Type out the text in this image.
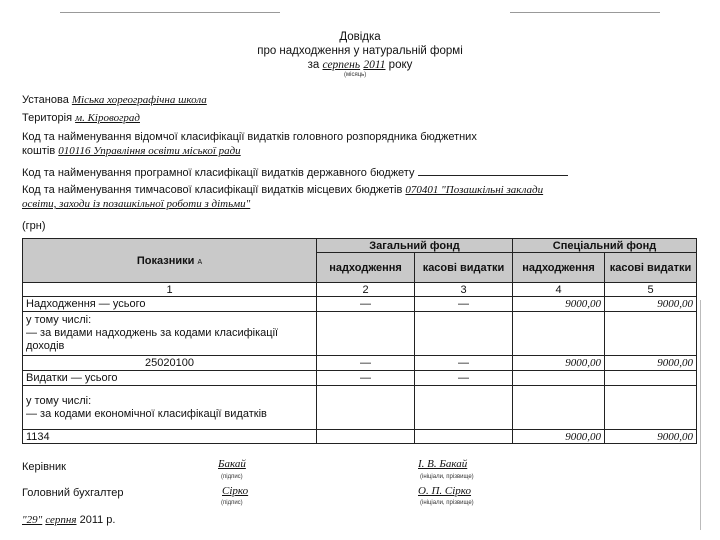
Довідка
про надходження у натуральній формі
за серпень 2011 року
(місяць)
Установа Міська хореографічна школа
Територія м. Кіровоград
Код та найменування відомчої класифікації видатків головного розпорядника бюджетних
коштів 010116 Управління освіти міської ради
Код та найменування програмної класифікації видатків державного бюджету
Код та найменування тимчасової класифікації видатків місцевих бюджетів 070401 "Позашкільні заклади
освіти, заходи із позашкільної роботи з дітьми"
(грн)
Показники А	Загальний фонд		Спеціальний фонд	
	надходження	касові видатки	надходження	касові видатки
1	2	3	4	5
Надходження — усього	—	—	9000,00	9000,00
у тому числі:
— за видами надходжень за кодами класифікації доходів				
25020100	—	—	9000,00	9000,00
Видатки — усього	—	—		
у тому числі:
— за кодами економічної класифікації видатків				
1134			9000,00	9000,00
Керівник	Бакай
(підпис)
І. В. Бакай
(ініціали, прізвище)
Головний бухгалтер	Сірко
(підпис)
О. П. Сірко
(ініціали, прізвище)
"29" серпня 2011 р.
